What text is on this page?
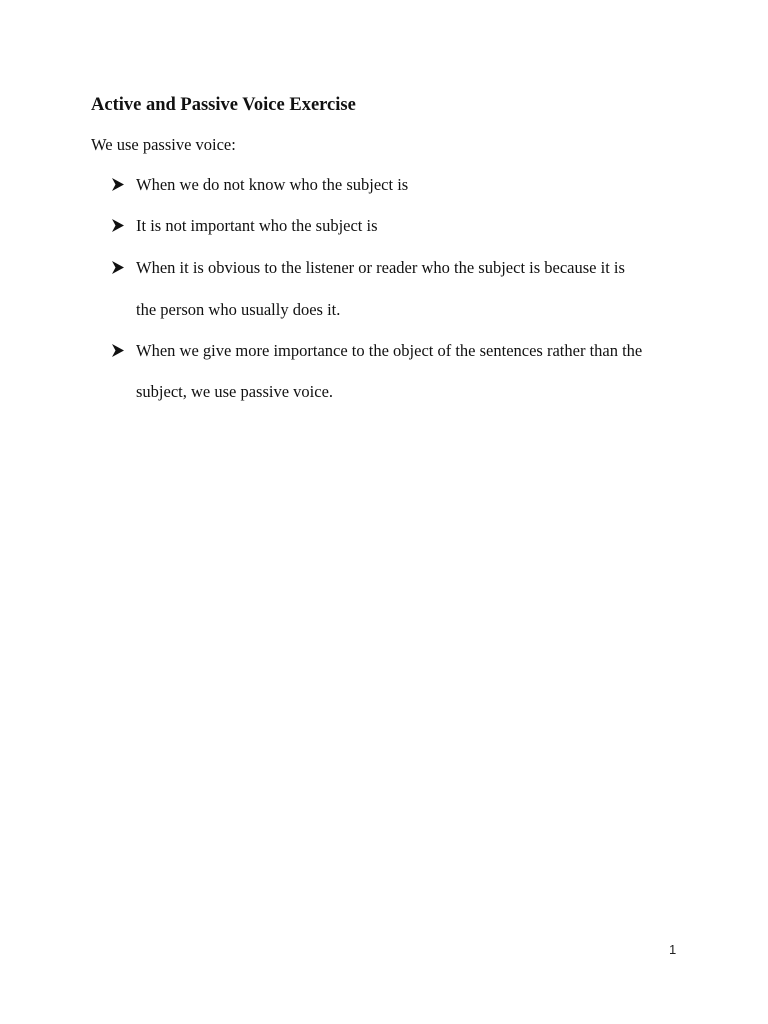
Active and Passive Voice Exercise

We use passive voice:

When we do not know who the subject is
It is not important who the subject is
When it is obvious to the listener or reader who the subject is because it is
the person who usually does it.
When we give more importance to the object of the sentences rather than the
subject, we use passive voice.
1
